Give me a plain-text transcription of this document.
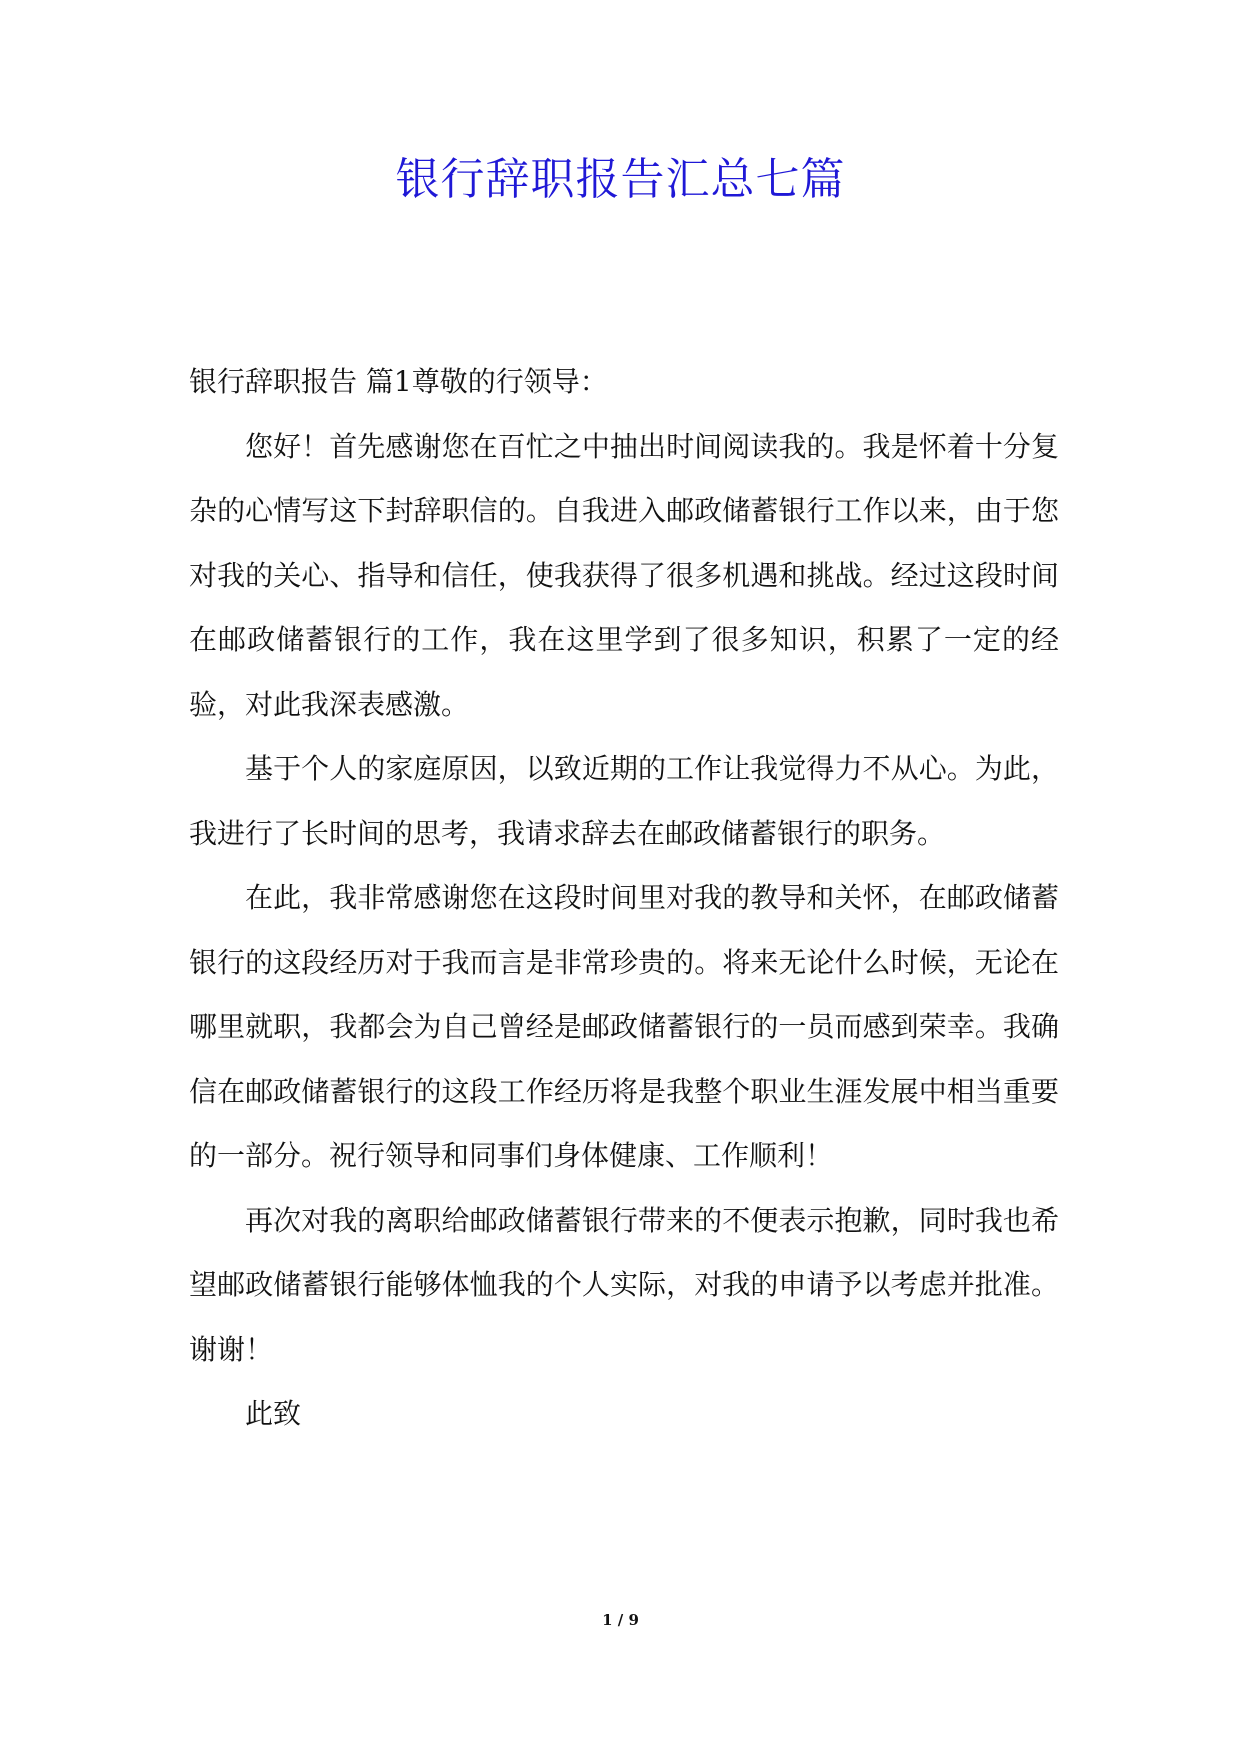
银行辞职报告汇总七篇

银行辞职报告 篇1尊敬的行领导：

您好！首先感谢您在百忙之中抽出时间阅读我的。我是怀着十分复杂的心情写这下封辞职信的。自我进入邮政储蓄银行工作以来，由于您对我的关心、指导和信任，使我获得了很多机遇和挑战。经过这段时间在邮政储蓄银行的工作，我在这里学到了很多知识，积累了一定的经验，对此我深表感激。

基于个人的家庭原因，以致近期的工作让我觉得力不从心。为此，我进行了长时间的思考，我请求辞去在邮政储蓄银行的职务。

在此，我非常感谢您在这段时间里对我的教导和关怀，在邮政储蓄银行的这段经历对于我而言是非常珍贵的。将来无论什么时候，无论在哪里就职，我都会为自己曾经是邮政储蓄银行的一员而感到荣幸。我确信在邮政储蓄银行的这段工作经历将是我整个职业生涯发展中相当重要的一部分。祝行领导和同事们身体健康、工作顺利！

再次对我的离职给邮政储蓄银行带来的不便表示抱歉，同时我也希望邮政储蓄银行能够体恤我的个人实际，对我的申请予以考虑并批准。谢谢！

此致

1 / 9
